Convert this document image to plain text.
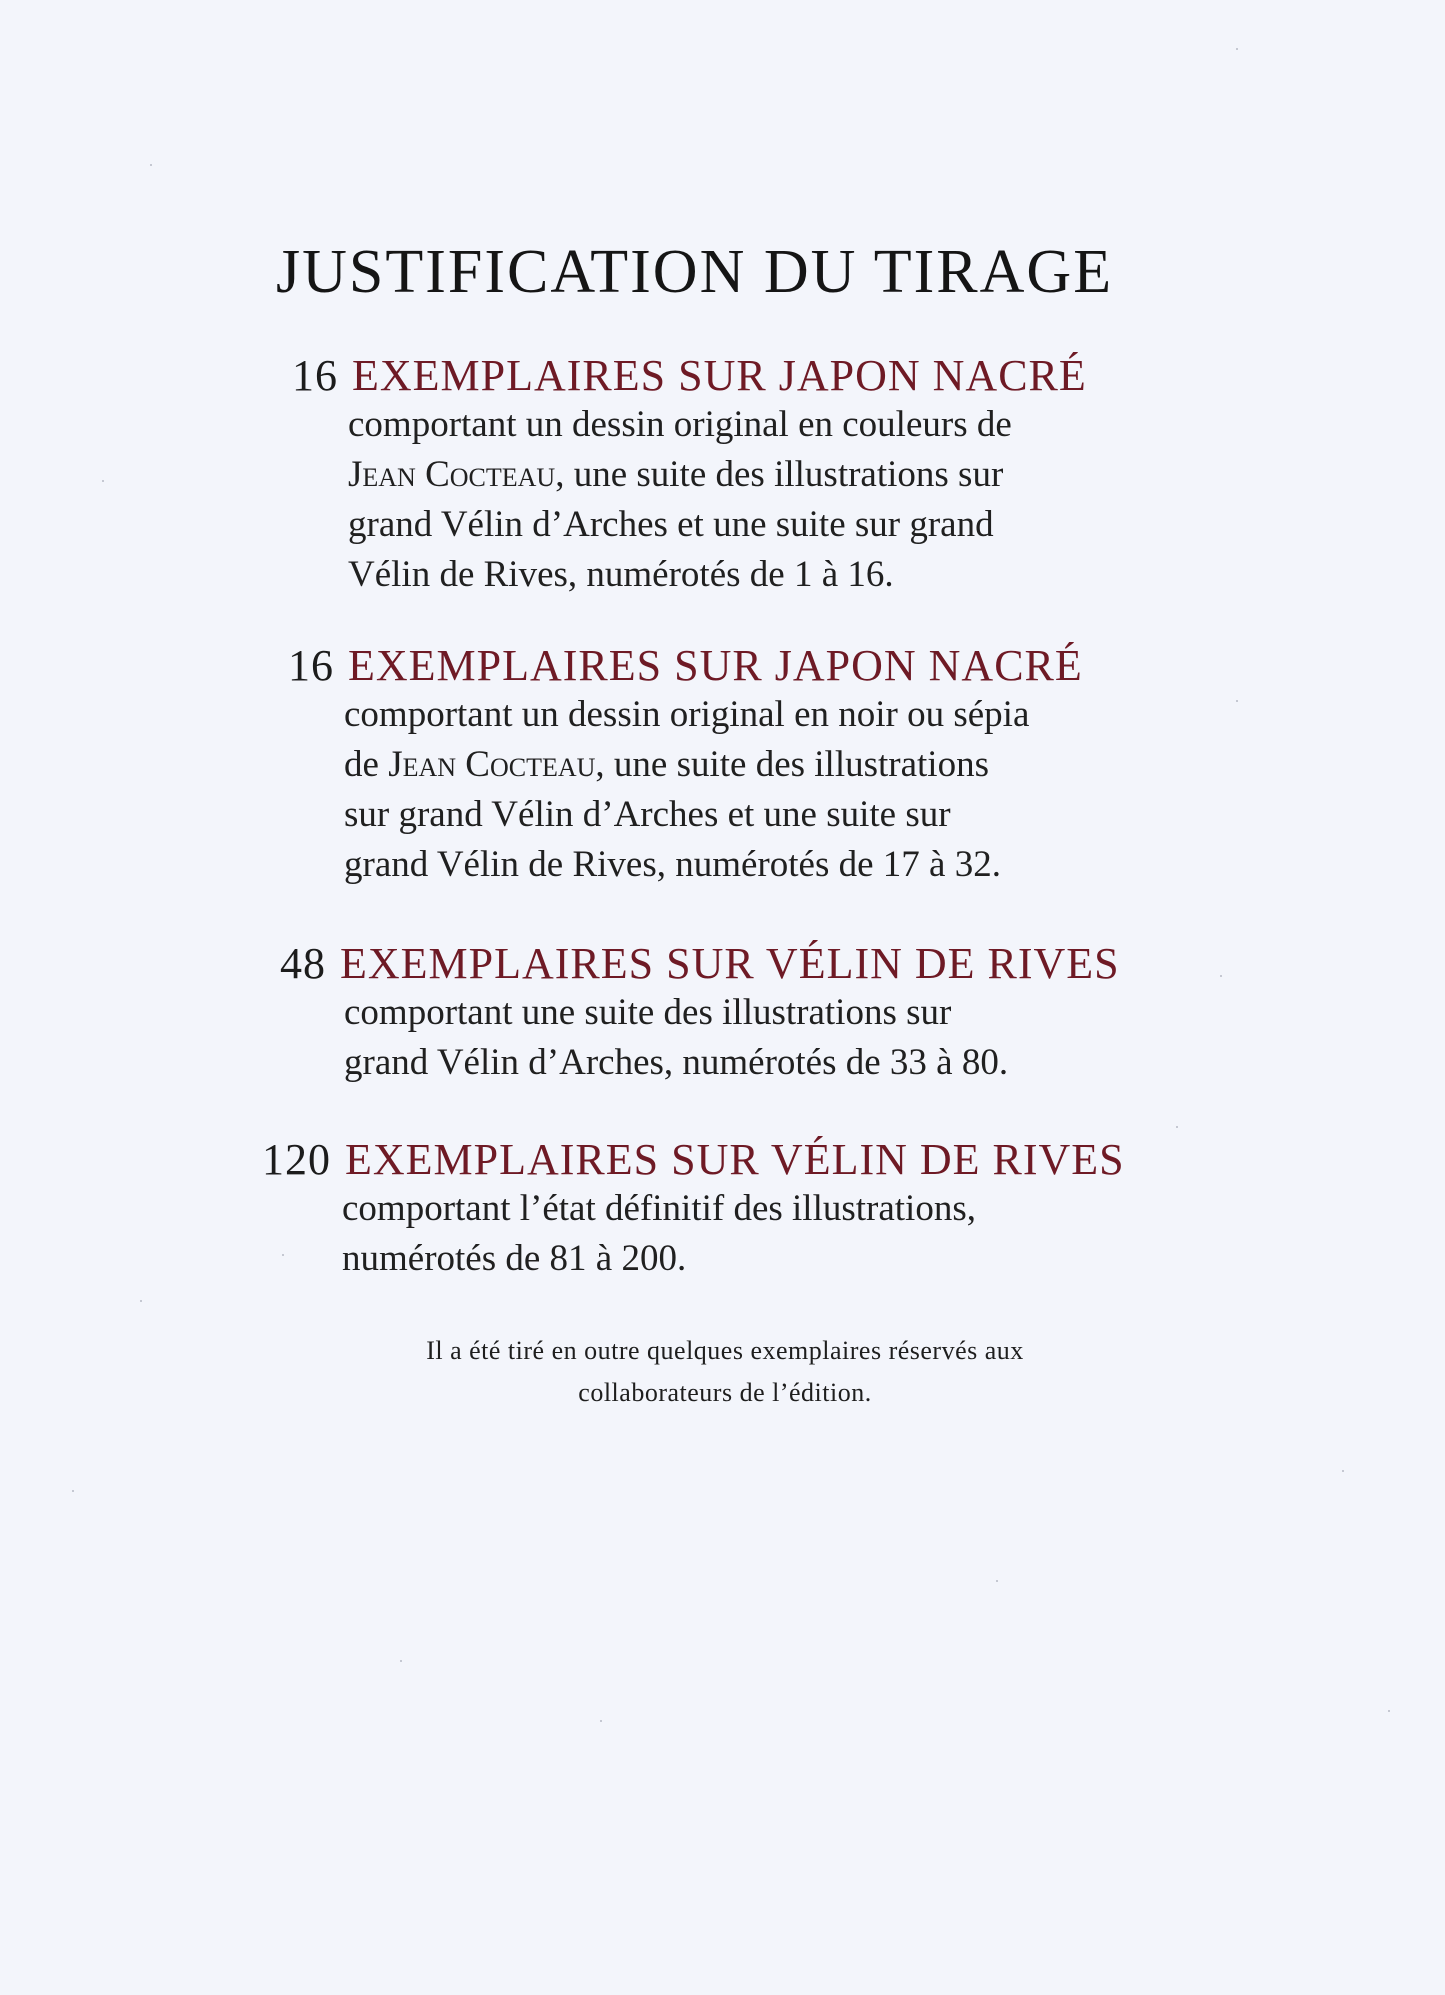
JUSTIFICATION DU TIRAGE
16 EXEMPLAIRES SUR JAPON NACRÉ
comportant un dessin original en couleurs de
Jean Cocteau, une suite des illustrations sur
grand Vélin d’Arches et une suite sur grand
Vélin de Rives, numérotés de 1 à 16.
16 EXEMPLAIRES SUR JAPON NACRÉ
comportant un dessin original en noir ou sépia
de Jean Cocteau, une suite des illustrations
sur grand Vélin d’Arches et une suite sur
grand Vélin de Rives, numérotés de 17 à 32.
48 EXEMPLAIRES SUR VÉLIN DE RIVES
comportant une suite des illustrations sur
grand Vélin d’Arches, numérotés de 33 à 80.
120 EXEMPLAIRES SUR VÉLIN DE RIVES
comportant l’état définitif des illustrations,
numérotés de 81 à 200.
Il a été tiré en outre quelques exemplaires réservés aux
collaborateurs de l’édition.
